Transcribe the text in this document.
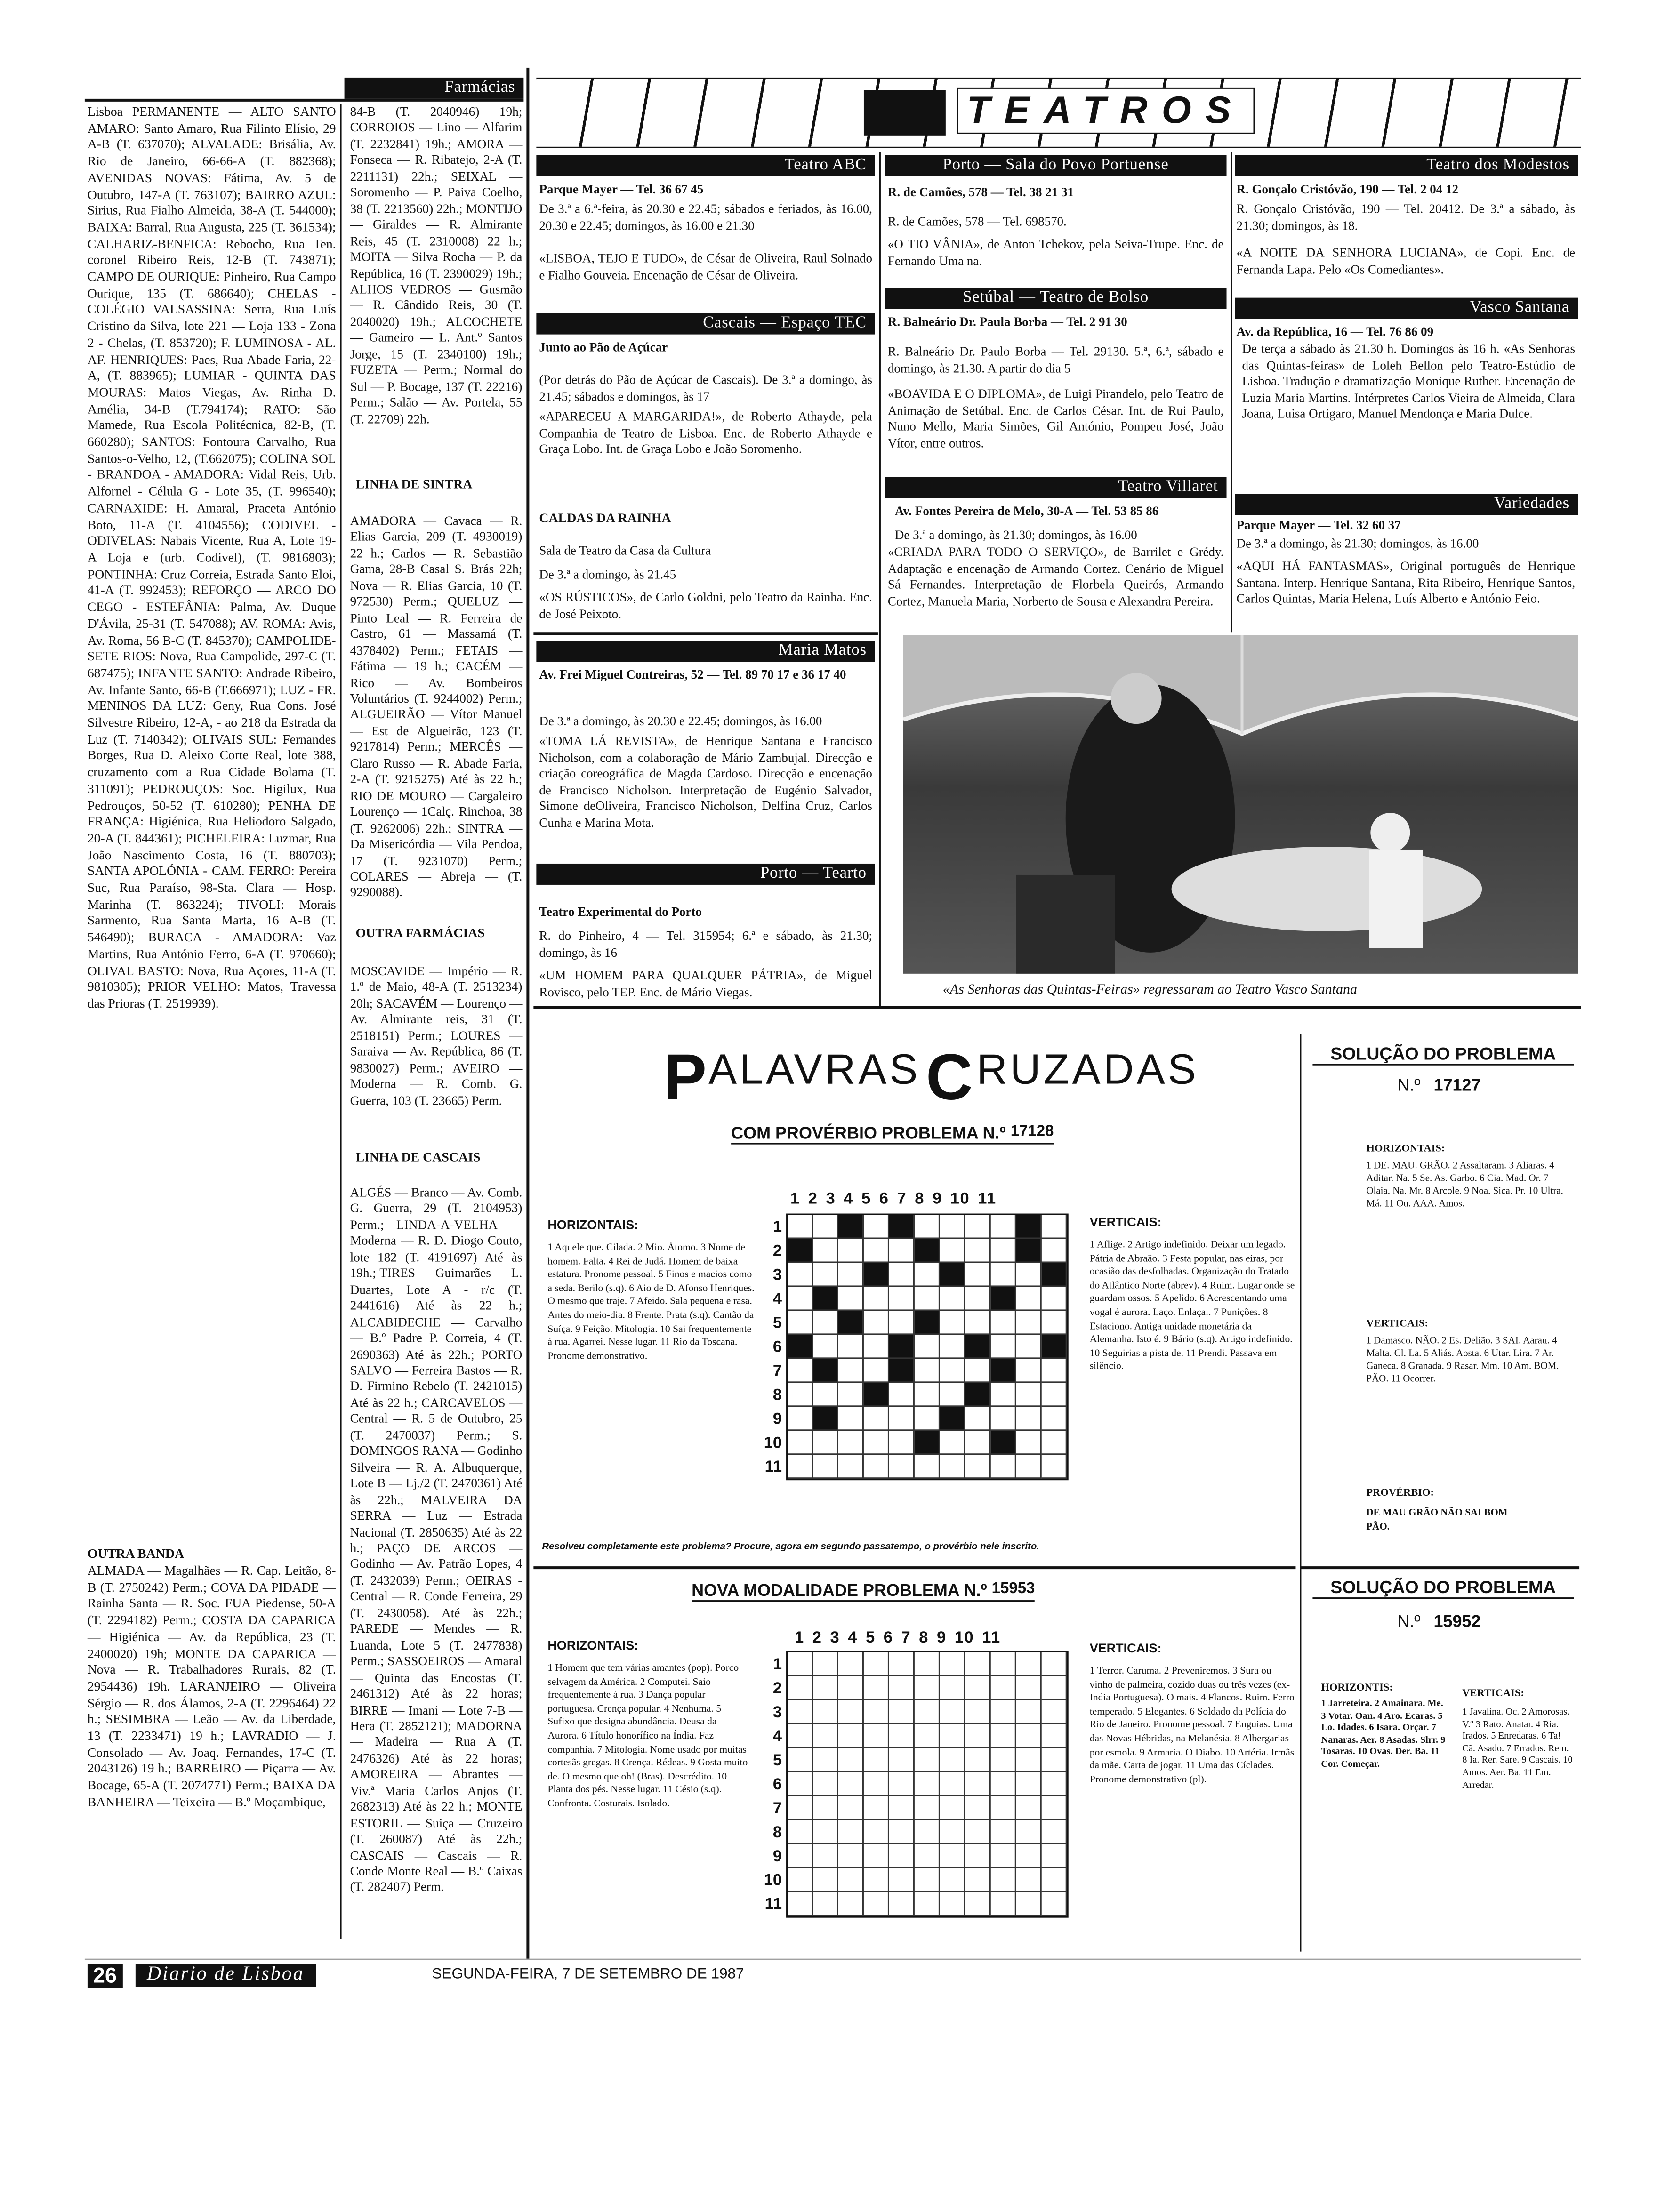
Farmácias
Lisboa PERMANENTE — ALTO SANTO AMARO: Santo Amaro, Rua Filinto Elísio, 29 A-B (T. 637070); ALVALADE: Brisália, Av. Rio de Janeiro, 66-66-A (T. 882368); AVENIDAS NOVAS: Fátima, Av. 5 de Outubro, 147-A (T. 763107); BAIRRO AZUL: Sirius, Rua Fialho Almeida, 38-A (T. 544000); BAIXA: Barral, Rua Augusta, 225 (T. 361534); CALHARIZ-BENFICA: Rebocho, Rua Ten. coronel Ribeiro Reis, 12-B (T. 743871); CAMPO DE OURIQUE: Pinheiro, Rua Campo Ourique, 135 (T. 686640); CHELAS - COLÉGIO VALSASSINA: Serra, Rua Luís Cristino da Silva, lote 221 — Loja 133 - Zona 2 - Chelas, (T. 853720); F. LUMINOSA - AL. AF. HENRIQUES: Paes, Rua Abade Faria, 22-A, (T. 883965); LUMIAR - QUINTA DAS MOURAS: Matos Viegas, Av. Rinha D. Amélia, 34-B (T.794174); RATO: São Mamede, Rua Escola Politécnica, 82-B, (T. 660280); SANTOS: Fontoura Carvalho, Rua Santos-o-Velho, 12, (T.662075); COLINA SOL - BRANDOA - AMADORA: Vidal Reis, Urb. Alfornel - Célula G - Lote 35, (T. 996540); CARNAXIDE: H. Amaral, Praceta António Boto, 11-A (T. 4104556); CODIVEL - ODIVELAS: Nabais Vicente, Rua A, Lote 19-A Loja e (urb. Codivel), (T. 9816803); PONTINHA: Cruz Correia, Estrada Santo Eloi, 41-A (T. 992453); REFORÇO — ARCO DO CEGO - ESTEFÂNIA: Palma, Av. Duque D'Ávila, 25-31 (T. 547088); AV. ROMA: Avis, Av. Roma, 56 B-C (T. 845370); CAMPOLIDE-SETE RIOS: Nova, Rua Campolide, 297-C (T. 687475); INFANTE SANTO: Andrade Ribeiro, Av. Infante Santo, 66-B (T.666971); LUZ - FR. MENINOS DA LUZ: Geny, Rua Cons. José Silvestre Ribeiro, 12-A, - ao 218 da Estrada da Luz (T. 7140342); OLIVAIS SUL: Fernandes Borges, Rua D. Aleixo Corte Real, lote 388, cruzamento com a Rua Cidade Bolama (T. 311091); PEDROUÇOS: Soc. Higilux, Rua Pedrouços, 50-52 (T. 610280); PENHA DE FRANÇA: Higiénica, Rua Heliodoro Salgado, 20-A (T. 844361); PICHELEIRA: Luzmar, Rua João Nascimento Costa, 16 (T. 880703); SANTA APOLÓNIA - CAM. FERRO: Pereira Suc, Rua Paraíso, 98-Sta. Clara — Hosp. Marinha (T. 863224); TIVOLI: Morais Sarmento, Rua Santa Marta, 16 A-B (T. 546490); BURACA - AMADORA: Vaz Martins, Rua António Ferro, 6-A (T. 970660); OLIVAL BASTO: Nova, Rua Açores, 11-A (T. 9810305); PRIOR VELHO: Matos, Travessa das Prioras (T. 2519939).
OUTRA BANDA
ALMADA — Magalhães — R. Cap. Leitão, 8-B (T. 2750242) Perm.; COVA DA PIDADE — Rainha Santa — R. Soc. FUA Piedense, 50-A (T. 2294182) Perm.; COSTA DA CAPARICA — Higiénica — Av. da República, 23 (T. 2400020) 19h; MONTE DA CAPARICA — Nova — R. Trabalhadores Rurais, 82 (T. 2954436) 19h. LARANJEIRO — Oliveira Sérgio — R. dos Álamos, 2-A (T. 2296464) 22 h.; SESIMBRA — Leão — Av. da Liberdade, 13 (T. 2233471) 19 h.; LAVRADIO — J. Consolado — Av. Joaq. Fernandes, 17-C (T. 2043126) 19 h.; BARREIRO — Piçarra — Av. Bocage, 65-A (T. 2074771) Perm.; BAIXA DA BANHEIRA — Teixeira — B.º Moçambique,
84-B (T. 2040946) 19h; CORROIOS — Lino — Alfarim (T. 2232841) 19h.; AMORA — Fonseca — R. Ribatejo, 2-A (T. 2211131) 22h.; SEIXAL — Soromenho — P. Paiva Coelho, 38 (T. 2213560) 22h.; MONTIJO — Giraldes — R. Almirante Reis, 45 (T. 2310008) 22 h.; MOITA — Silva Rocha — P. da República, 16 (T. 2390029) 19h.; ALHOS VEDROS — Gusmão — R. Cândido Reis, 30 (T. 2040020) 19h.; ALCOCHETE — Gameiro — L. Ant.º Santos Jorge, 15 (T. 2340100) 19h.; FUZETA — Perm.; Normal do Sul — P. Bocage, 137 (T. 22216) Perm.; Salão — Av. Portela, 55 (T. 22709) 22h.
LINHA DE SINTRA
AMADORA — Cavaca — R. Elias Garcia, 209 (T. 4930019) 22 h.; Carlos — R. Sebastião Gama, 28-B Casal S. Brás 22h; Nova — R. Elias Garcia, 10 (T. 972530) Perm.; QUELUZ — Pinto Leal — R. Ferreira de Castro, 61 — Massamá (T. 4378402) Perm.; FETAIS — Fátima — 19 h.; CACÉM — Rico — Av. Bombeiros Voluntários (T. 9244002) Perm.; ALGUEIRÃO — Vítor Manuel — Est de Algueirão, 123 (T. 9217814) Perm.; MERCÊS — Claro Russo — R. Abade Faria, 2-A (T. 9215275) Até às 22 h.; RIO DE MOURO — Cargaleiro Lourenço — 1Calç. Rinchoa, 38 (T. 9262006) 22h.; SINTRA — Da Misericórdia — Vila Pendoa, 17 (T. 9231070) Perm.; COLARES — Abreja — (T. 9290088).
OUTRA FARMÁCIAS
MOSCAVIDE — Império — R. 1.º de Maio, 48-A (T. 2513234) 20h; SACAVÉM — Lourenço — Av. Almirante reis, 31 (T. 2518151) Perm.; LOURES — Saraiva — Av. República, 86 (T. 9830027) Perm.; AVEIRO — Moderna — R. Comb. G. Guerra, 103 (T. 23665) Perm.
LINHA DE CASCAIS
ALGÉS — Branco — Av. Comb. G. Guerra, 29 (T. 2104953) Perm.; LINDA-A-VELHA — Moderna — R. D. Diogo Couto, lote 182 (T. 4191697) Até às 19h.; TIRES — Guimarães — L. Duartes, Lote A - r/c (T. 2441616) Até às 22 h.; ALCABIDECHE — Carvalho — B.º Padre P. Correia, 4 (T. 2690363) Até às 22h.; PORTO SALVO — Ferreira Bastos — R. D. Firmino Rebelo (T. 2421015) Até às 22 h.; CARCAVELOS — Central — R. 5 de Outubro, 25 (T. 2470037) Perm.; S. DOMINGOS RANA — Godinho Silveira — R. A. Albuquerque, Lote B — Lj./2 (T. 2470361) Até às 22h.; MALVEIRA DA SERRA — Luz — Estrada Nacional (T. 2850635) Até às 22 h.; PAÇO DE ARCOS — Godinho — Av. Patrão Lopes, 4 (T. 2432039) Perm.; OEIRAS - Central — R. Conde Ferreira, 29 (T. 2430058). Até às 22h.; PAREDE — Mendes — R. Luanda, Lote 5 (T. 2477838) Perm.; SASSOEIROS — Amaral — Quinta das Encostas (T. 2461312) Até às 22 horas; BIRRE — Imani — Lote 7-B — Hera (T. 2852121); MADORNA — Madeira — Rua A (T. 2476326) Até às 22 horas; AMOREIRA — Abrantes — Viv.ª Maria Carlos Anjos (T. 2682313) Até às 22 h.; MONTE ESTORIL — Suiça — Cruzeiro (T. 260087) Até às 22h.; CASCAIS — Cascais — R. Conde Monte Real — B.º Caixas (T. 282407) Perm.
TEATROS
Teatro ABC
Parque Mayer — Tel. 36 67 45
De 3.ª a 6.ª-feira, às 20.30 e 22.45; sábados e feriados, às 16.00, 20.30 e 22.45; domingos, às 16.00 e 21.30
«LISBOA, TEJO E TUDO», de César de Oliveira, Raul Solnado e Fialho Gouveia. Encenação de César de Oliveira.
Cascais — Espaço TEC
Junto ao Pão de Açúcar
(Por detrás do Pão de Açúcar de Cascais). De 3.ª a domingo, às 21.45; sábados e domingos, às 17
«APARECEU A MARGARIDA!», de Roberto Athayde, pela Companhia de Teatro de Lisboa. Enc. de Roberto Athayde e Graça Lobo. Int. de Graça Lobo e João Soromenho.
CALDAS DA RAINHA
Sala de Teatro da Casa da Cultura
De 3.ª a domingo, às 21.45
«OS RÚSTICOS», de Carlo Goldni, pelo Teatro da Rainha. Enc. de José Peixoto.
Maria Matos
Av. Frei Miguel Contreiras, 52 — Tel. 89 70 17 e 36 17 40
De 3.ª a domingo, às 20.30 e 22.45; domingos, às 16.00
«TOMA LÁ REVISTA», de Henrique Santana e Francisco Nicholson, com a colaboração de Mário Zambujal. Direcção e criação coreográfica de Magda Cardoso. Direcção e encenação de Francisco Nicholson. Interpretação de Eugénio Salvador, Simone deOliveira, Francisco Nicholson, Delfina Cruz, Carlos Cunha e Marina Mota.
Porto — Tearto
Teatro Experimental do Porto
R. do Pinheiro, 4 — Tel. 315954; 6.ª e sábado, às 21.30; domingo, às 16
«UM HOMEM PARA QUALQUER PÁTRIA», de Miguel Rovisco, pelo TEP. Enc. de Mário Viegas.
Porto — Sala do Povo Portuense
R. de Camões, 578 — Tel. 38 21 31
R. de Camões, 578 — Tel. 698570.
«O TIO VÂNIA», de Anton Tchekov, pela Seiva-Trupe. Enc. de Fernando Uma na.
Setúbal — Teatro de Bolso
R. Balneário Dr. Paula Borba — Tel. 2 91 30
R. Balneário Dr. Paulo Borba — Tel. 29130. 5.ª, 6.ª, sábado e domingo, às 21.30. A partir do dia 5
«BOAVIDA E O DIPLOMA», de Luigi Pirandelo, pelo Teatro de Animação de Setúbal. Enc. de Carlos César. Int. de Rui Paulo, Nuno Mello, Maria Simões, Gil António, Pompeu José, João Vítor, entre outros.
Teatro Villaret
Av. Fontes Pereira de Melo, 30-A — Tel. 53 85 86
De 3.ª a domingo, às 21.30; domingos, às 16.00
«CRIADA PARA TODO O SERVIÇO», de Barrilet e Grédy. Adaptação e encenação de Armando Cortez. Cenário de Miguel Sá Fernandes. Interpretação de Florbela Queirós, Armando Cortez, Manuela Maria, Norberto de Sousa e Alexandra Pereira.
Teatro dos Modestos
R. Gonçalo Cristóvão, 190 — Tel. 2 04 12
R. Gonçalo Cristóvão, 190 — Tel. 20412. De 3.ª a sábado, às 21.30; domingos, às 18.
«A NOITE DA SENHORA LUCIANA», de Copi. Enc. de Fernanda Lapa. Pelo «Os Comediantes».
Vasco Santana
Av. da República, 16 — Tel. 76 86 09
De terça a sábado às 21.30 h. Domingos às 16 h. «As Senhoras das Quintas-feiras» de Loleh Bellon pelo Teatro-Estúdio de Lisboa. Tradução e dramatização Monique Ruther. Encenação de Luzia Maria Martins. Intérpretes Carlos Vieira de Almeida, Clara Joana, Luisa Ortigaro, Manuel Mendonça e Maria Dulce.
Variedades
Parque Mayer — Tel. 32 60 37
De 3.ª a domingo, às 21.30; domingos, às 16.00
«AQUI HÁ FANTASMAS», Original português de Henrique Santana. Interp. Henrique Santana, Rita Ribeiro, Henrique Santos, Carlos Quintas, Maria Helena, Luís Alberto e António Feio.
«As Senhoras das Quintas-Feiras» regressaram ao Teatro Vasco Santana
P ALAVRAS C RUZADAS
COM PROVÉRBIO PROBLEMA N.º 17128
1 2 3 4 5 6 7 8 9 10 11
1
2
3
4
5
6
7
8
9
10
11
HORIZONTAIS:
1 Aquele que. Cilada. 2 Mio. Átomo. 3 Nome de homem. Falta. 4 Rei de Judá. Homem de baixa estatura. Pronome pessoal. 5 Finos e macios como a seda. Berilo (s.q). 6 Aio de D. Afonso Henriques. O mesmo que traje. 7 Afeido. Sala pequena e rasa. Antes do meio-dia. 8 Frente. Prata (s.q). Cantão da Suíça. 9 Feição. Mitologia. 10 Sai frequentemente à rua. Agarrei. Nesse lugar. 11 Rio da Toscana. Pronome demonstrativo.
VERTICAIS:
1 Aflige. 2 Artigo indefinido. Deixar um legado. Pátria de Abraão. 3 Festa popular, nas eiras, por ocasião das desfolhadas. Organização do Tratado do Atlântico Norte (abrev). 4 Ruim. Lugar onde se guardam ossos. 5 Apelido. 6 Acrescentando uma vogal é aurora. Laço. Enlaçai. 7 Punições. 8 Estaciono. Antiga unidade monetária da Alemanha. Isto é. 9 Bário (s.q). Artigo indefinido. 10 Seguirias a pista de. 11 Prendi. Passava em silêncio.
Resolveu completamente este problema? Procure, agora em segundo passatempo, o provérbio nele inscrito.
NOVA MODALIDADE PROBLEMA N.º 15953
1 2 3 4 5 6 7 8 9 10 11
1
2
3
4
5
6
7
8
9
10
11
HORIZONTAIS:
1 Homem que tem várias amantes (pop). Porco selvagem da América. 2 Computei. Saio frequentemente à rua. 3 Dança popular portuguesa. Crença popular. 4 Nenhuma. 5 Sufixo que designa abundância. Deusa da Aurora. 6 Título honorífico na Índia. Faz companhia. 7 Mitologia. Nome usado por muitas cortesãs gregas. 8 Crença. Rédeas. 9 Gosta muito de. O mesmo que oh! (Bras). Descrédito. 10 Planta dos pés. Nesse lugar. 11 Césio (s.q). Confronta. Costurais. Isolado.
VERTICAIS:
1 Terror. Caruma. 2 Preveniremos. 3 Sura ou vinho de palmeira, cozido duas ou três vezes (ex-India Portuguesa). O mais. 4 Flancos. Ruim. Ferro temperado. 5 Elegantes. 6 Soldado da Polícia do Rio de Janeiro. Pronome pessoal. 7 Enguias. Uma das Novas Hébridas, na Melanésia. 8 Albergarias por esmola. 9 Armaria. O Diabo. 10 Artéria. Irmãs da mãe. Carta de jogar. 11 Uma das Cíclades. Pronome demonstrativo (pl).
SOLUÇÃO DO PROBLEMA
N.º 17127
HORIZONTAIS:
1 DE. MAU. GRÃO. 2 Assaltaram. 3 Aliaras. 4 Aditar. Na. 5 Se. As. Garbo. 6 Cia. Mad. Or. 7 Olaia. Na. Mr. 8 Arcole. 9 Noa. Sica. Pr. 10 Ultra. Má. 11 Ou. AAA. Amos.
VERTICAIS:
1 Damasco. NÃO. 2 Es. Delião. 3 SAI. Aarau. 4 Malta. Cl. La. 5 Aliás. Aosta. 6 Utar. Lira. 7 Ar. Ganeca. 8 Granada. 9 Rasar. Mm. 10 Am. BOM. PÃO. 11 Ocorrer.
PROVÉRBIO:
DE MAU GRÃO NÃO SAI BOM PÃO.
SOLUÇÃO DO PROBLEMA
N.º 15952
HORIZONTIS:
1 Jarreteira. 2 Amainara. Me. 3 Votar. Oan. 4 Aro. Ecaras. 5 Lo. Idades. 6 Isara. Orçar. 7 Nanaras. Aer. 8 Asadas. Slrr. 9 Tosaras. 10 Ovas. Der. Ba. 11 Cor. Começar.
VERTICAIS:
1 Javalina. Oc. 2 Amorosas. V.º 3 Rato. Anatar. 4 Ria. Irados. 5 Enredaras. 6 Ta! Cã. Asado. 7 Errados. Rem. 8 Ia. Rer. Sare. 9 Cascais. 10 Amos. Aer. Ba. 11 Em. Arredar.
26	Diario de Lisboa	SEGUNDA-FEIRA, 7 DE SETEMBRO DE 1987
